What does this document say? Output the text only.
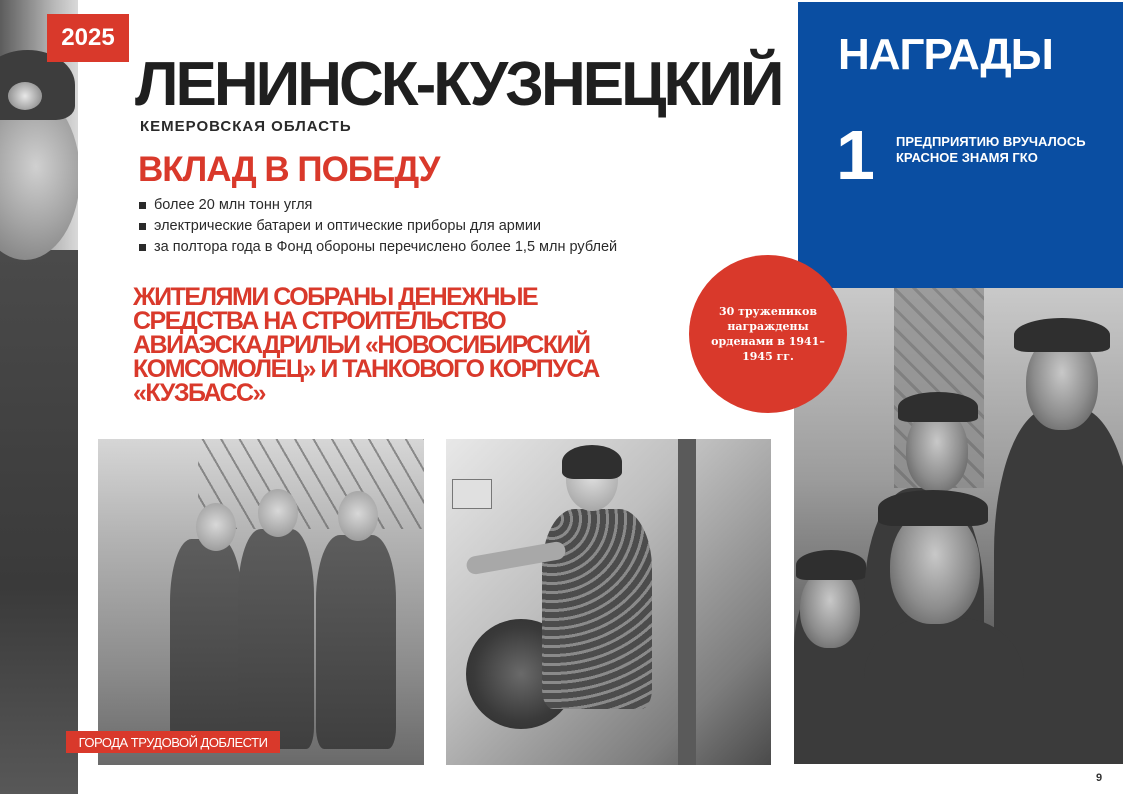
2025
ЛЕНИНСК-КУЗНЕЦКИЙ
КЕМЕРОВСКАЯ ОБЛАСТЬ
ВКЛАД В ПОБЕДУ
более 20 млн тонн угля
электрические батареи и оптические приборы для армии
за полтора года в Фонд обороны перечислено более 1,5 млн рублей
ЖИТЕЛЯМИ СОБРАНЫ ДЕНЕЖНЫЕ СРЕДСТВА НА СТРОИТЕЛЬСТВО АВИАЭСКАДРИЛЬИ «НОВОСИБИРСКИЙ КОМСОМОЛЕЦ» И ТАНКОВОГО КОРПУСА «КУЗБАСС»
НАГРАДЫ
1 ПРЕДПРИЯТИЮ ВРУЧАЛОСЬ КРАСНОЕ ЗНАМЯ ГКО
30 тружеников награждены орденами в 1941–1945 гг.
ГОРОДА ТРУДОВОЙ ДОБЛЕСТИ
9
